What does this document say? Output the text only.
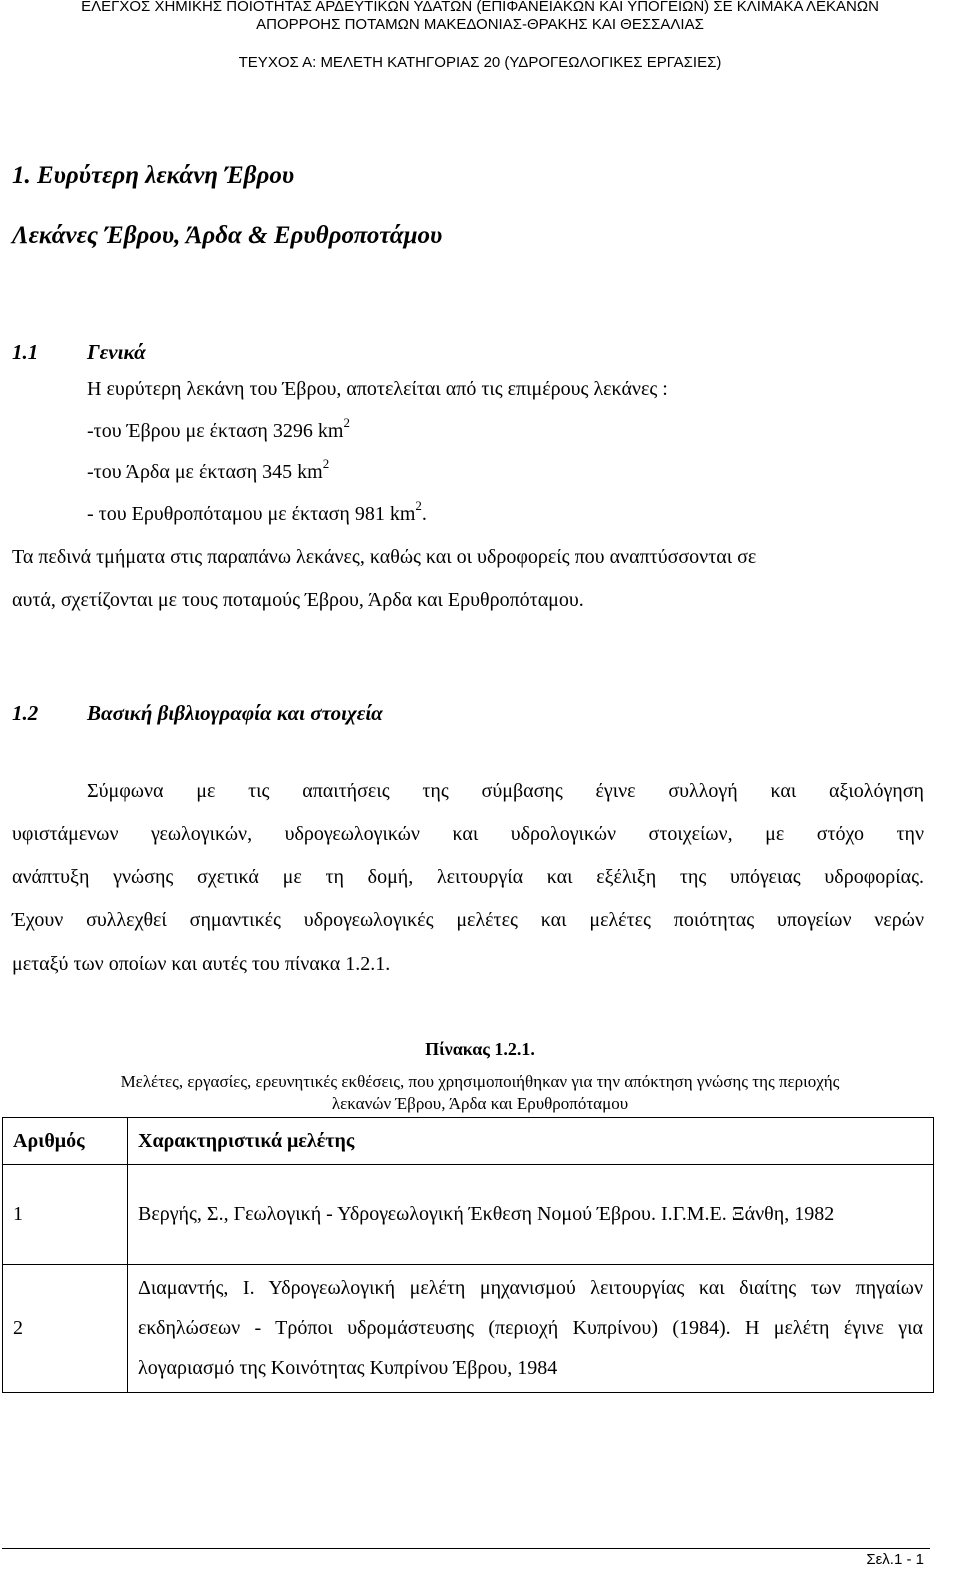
ΕΛΕΓΧΟΣ ΧΗΜΙΚΗΣ ΠΟΙΟΤΗΤΑΣ ΑΡΔΕΥΤΙΚΩΝ ΥΔΑΤΩΝ (ΕΠΙΦΑΝΕΙΑΚΩΝ ΚΑΙ ΥΠΟΓΕΙΩΝ) ΣΕ ΚΛΙΜΑΚΑ ΛΕΚΑΝΩΝ
ΑΠΟΡΡΟΗΣ ΠΟΤΑΜΩΝ ΜΑΚΕΔΟΝΙΑΣ-ΘΡΑΚΗΣ ΚΑΙ ΘΕΣΣΑΛΙΑΣ
ΤΕΥΧΟΣ Α: ΜΕΛΕΤΗ ΚΑΤΗΓΟΡΙΑΣ 20 (ΥΔΡΟΓΕΩΛΟΓΙΚΕΣ ΕΡΓΑΣΙΕΣ)
1. Ευρύτερη λεκάνη Έβρου
Λεκάνες Έβρου, Άρδα & Ερυθροποτάμου
1.1 Γενικά
Η ευρύτερη λεκάνη του Έβρου, αποτελείται από τις επιμέρους λεκάνες :
-του Έβρου με έκταση 3296 $km^2$
-του Άρδα με έκταση 345 $km^2$
- του Ερυθροπόταμου με έκταση 981 $km^2$.
Τα πεδινά τμήματα στις παραπάνω λεκάνες, καθώς και οι υδροφορείς που αναπτύσσονται σε
αυτά, σχετίζονται με τους ποταμούς Έβρου, Άρδα και Ερυθροπόταμου.
1.2 Βασική βιβλιογραφία και στοιχεία
Σύμφωνα με τις απαιτήσεις της σύμβασης έγινε συλλογή και αξιολόγηση
υφιστάμενων γεωλογικών, υδρογεωλογικών και υδρολογικών στοιχείων, με στόχο την
ανάπτυξη γνώσης σχετικά με τη δομή, λειτουργία και εξέλιξη της υπόγειας υδροφορίας.
Έχουν συλλεχθεί σημαντικές υδρογεωλογικές μελέτες και μελέτες ποιότητας υπογείων νερών
μεταξύ των οποίων και αυτές του πίνακα 1.2.1.
Πίνακας 1.2.1.
Μελέτες, εργασίες, ερευνητικές εκθέσεις, που χρησιμοποιήθηκαν για την απόκτηση γνώσης της περιοχής
λεκανών Έβρου, Άρδα και Ερυθροπόταμου
Αριθμός	Χαρακτηριστικά μελέτης
1	Βεργής, Σ., Γεωλογική - Υδρογεωλογική Έκθεση Νομού Έβρου. Ι.Γ.Μ.Ε. Ξάνθη, 1982
2	Διαμαντής, Ι. Υδρογεωλογική μελέτη μηχανισμού λειτουργίας και διαίτης των πηγαίων εκδηλώσεων - Τρόποι υδρομάστευσης (περιοχή Κυπρίνου) (1984). Η μελέτη έγινε για λογαριασμό της Κοινότητας Κυπρίνου Έβρου, 1984
Σελ.1 - 1
